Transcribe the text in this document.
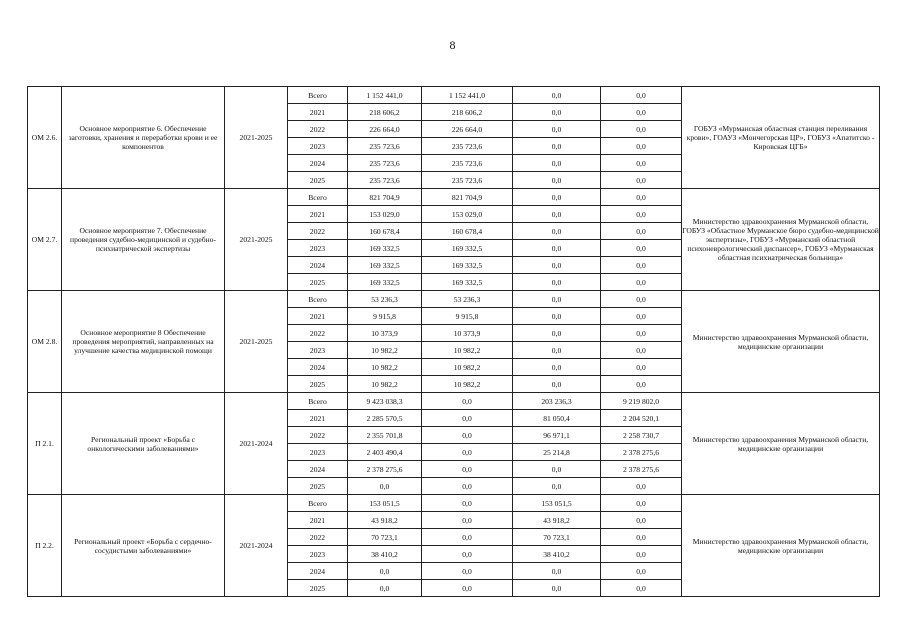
8
ОМ 2.6.	Основное мероприятие 6. Обеспечение заготовки, хранения и переработки крови и ее компонентов	2021-2025	Всего	1 152 441,0	1 152 441,0	0,0	0,0	ГОБУЗ «Мурманская областная станция переливания крови», ГОАУЗ «Мончегорская ЦР», ГОБУЗ «Апатитско - Кировская ЦГБ»
			2021	218 606,2	218 606,2	0,0	0,0	
			2022	226 664,0	226 664,0	0,0	0,0	
			2023	235 723,6	235 723,6	0,0	0,0	
			2024	235 723,6	235 723,6	0,0	0,0	
			2025	235 723,6	235 723,6	0,0	0,0	
ОМ 2.7.	Основное мероприятие 7. Обеспечение проведения судебно-медицинской и судебно-психиатрической экспертизы	2021-2025	Всего	821 704,9	821 704,9	0,0	0,0	Министерство здравоохранения Мурманской области, ГОБУЗ «Областное Мурманское бюро судебно-медицинской экспертизы», ГОБУЗ «Мурманский областной психоневрологический диспансер», ГОБУЗ «Мурманская областная психиатрическая больница»
			2021	153 029,0	153 029,0	0,0	0,0	
			2022	160 678,4	160 678,4	0,0	0,0	
			2023	169 332,5	169 332,5	0,0	0,0	
			2024	169 332,5	169 332,5	0,0	0,0	
			2025	169 332,5	169 332,5	0,0	0,0	
ОМ 2.8.	Основное мероприятие 8 Обеспечение проведения мероприятий, направленных на улучшение качества медицинской помощи	2021-2025	Всего	53 236,3	53 236,3	0,0	0,0	Министерство здравоохранения Мурманской области, медицинские организации
			2021	9 915,8	9 915,8	0,0	0,0	
			2022	10 373,9	10 373,9	0,0	0,0	
			2023	10 982,2	10 982,2	0,0	0,0	
			2024	10 982,2	10 982,2	0,0	0,0	
			2025	10 982,2	10 982,2	0,0	0,0	
П 2.1.	Региональный проект «Борьба с онкологическими заболеваниями»	2021-2024	Всего	9 423 038,3	0,0	203 236,3	9 219 802,0	Министерство здравоохранения Мурманской области, медицинские организации
			2021	2 285 570,5	0,0	81 050,4	2 204 520,1	
			2022	2 355 701,8	0,0	96 971,1	2 258 730,7	
			2023	2 403 490,4	0,0	25 214,8	2 378 275,6	
			2024	2 378 275,6	0,0	0,0	2 378 275,6	
			2025	0,0	0,0	0,0	0,0	
П 2.2.	Региональный проект «Борьба с сердечно-сосудистыми заболеваниями»	2021-2024	Всего	153 051,5	0,0	153 051,5	0,0	Министерство здравоохранения Мурманской области, медицинские организации
			2021	43 918,2	0,0	43 918,2	0,0	
			2022	70 723,1	0,0	70 723,1	0,0	
			2023	38 410,2	0,0	38 410,2	0,0	
			2024	0,0	0,0	0,0	0,0	
			2025	0,0	0,0	0,0	0,0	
